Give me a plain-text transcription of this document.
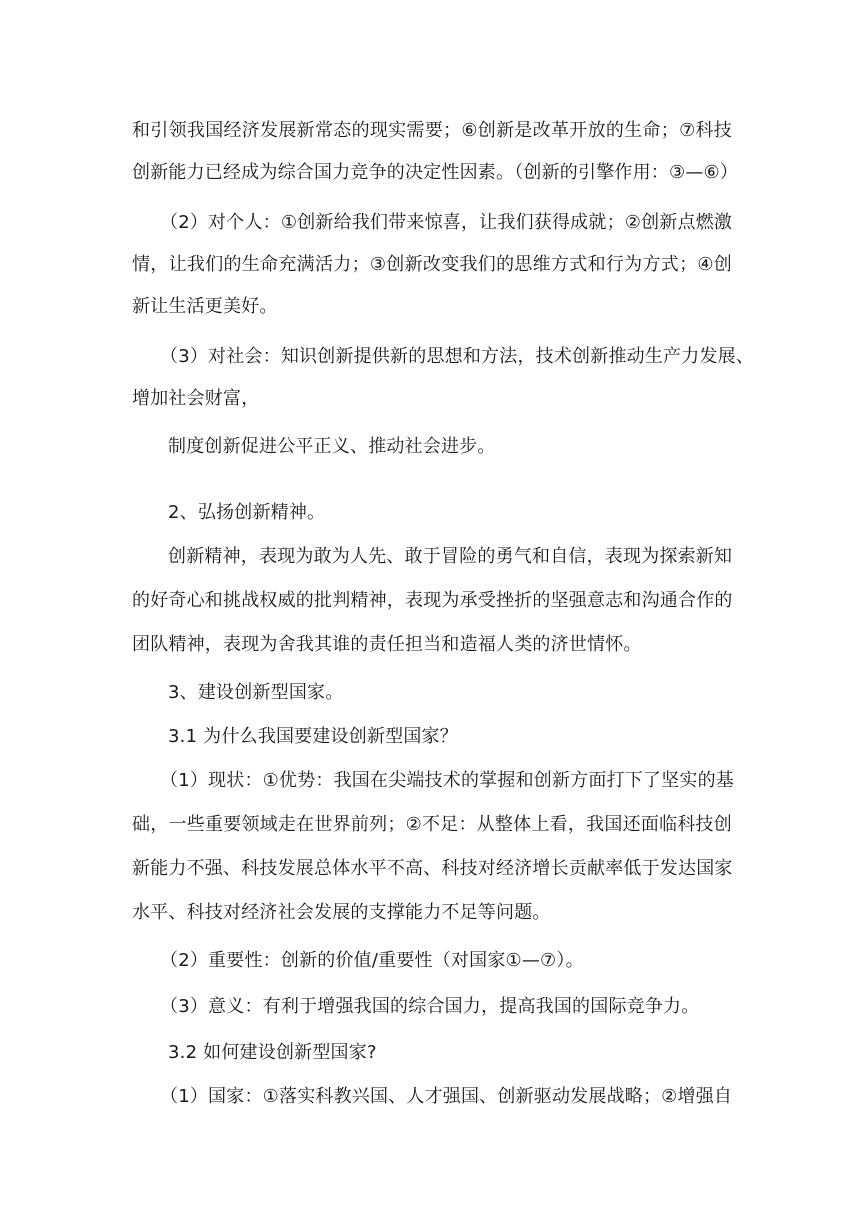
和引领我国经济发展新常态的现实需要；⑥创新是改革开放的生命；⑦科技
创新能力已经成为综合国力竞争的决定性因素。（创新的引擎作用：③—⑥）
（2）对个人：①创新给我们带来惊喜，让我们获得成就；②创新点燃激
情，让我们的生命充满活力；③创新改变我们的思维方式和行为方式；④创
新让生活更美好。
（3）对社会：知识创新提供新的思想和方法，技术创新推动生产力发展、
增加社会财富，
制度创新促进公平正义、推动社会进步。
2、弘扬创新精神。
创新精神，表现为敢为人先、敢于冒险的勇气和自信，表现为探索新知
的好奇心和挑战权威的批判精神，表现为承受挫折的坚强意志和沟通合作的
团队精神，表现为舍我其谁的责任担当和造福人类的济世情怀。
3、建设创新型国家。
3.1 为什么我国要建设创新型国家？
（1）现状：①优势：我国在尖端技术的掌握和创新方面打下了坚实的基
础，一些重要领域走在世界前列；②不足：从整体上看，我国还面临科技创
新能力不强、科技发展总体水平不高、科技对经济增长贡献率低于发达国家
水平、科技对经济社会发展的支撑能力不足等问题。
（2）重要性：创新的价值/重要性（对国家①—⑦）。
（3）意义：有利于增强我国的综合国力，提高我国的国际竞争力。
3.2 如何建设创新型国家?
（1）国家：①落实科教兴国、人才强国、创新驱动发展战略；②增强自
